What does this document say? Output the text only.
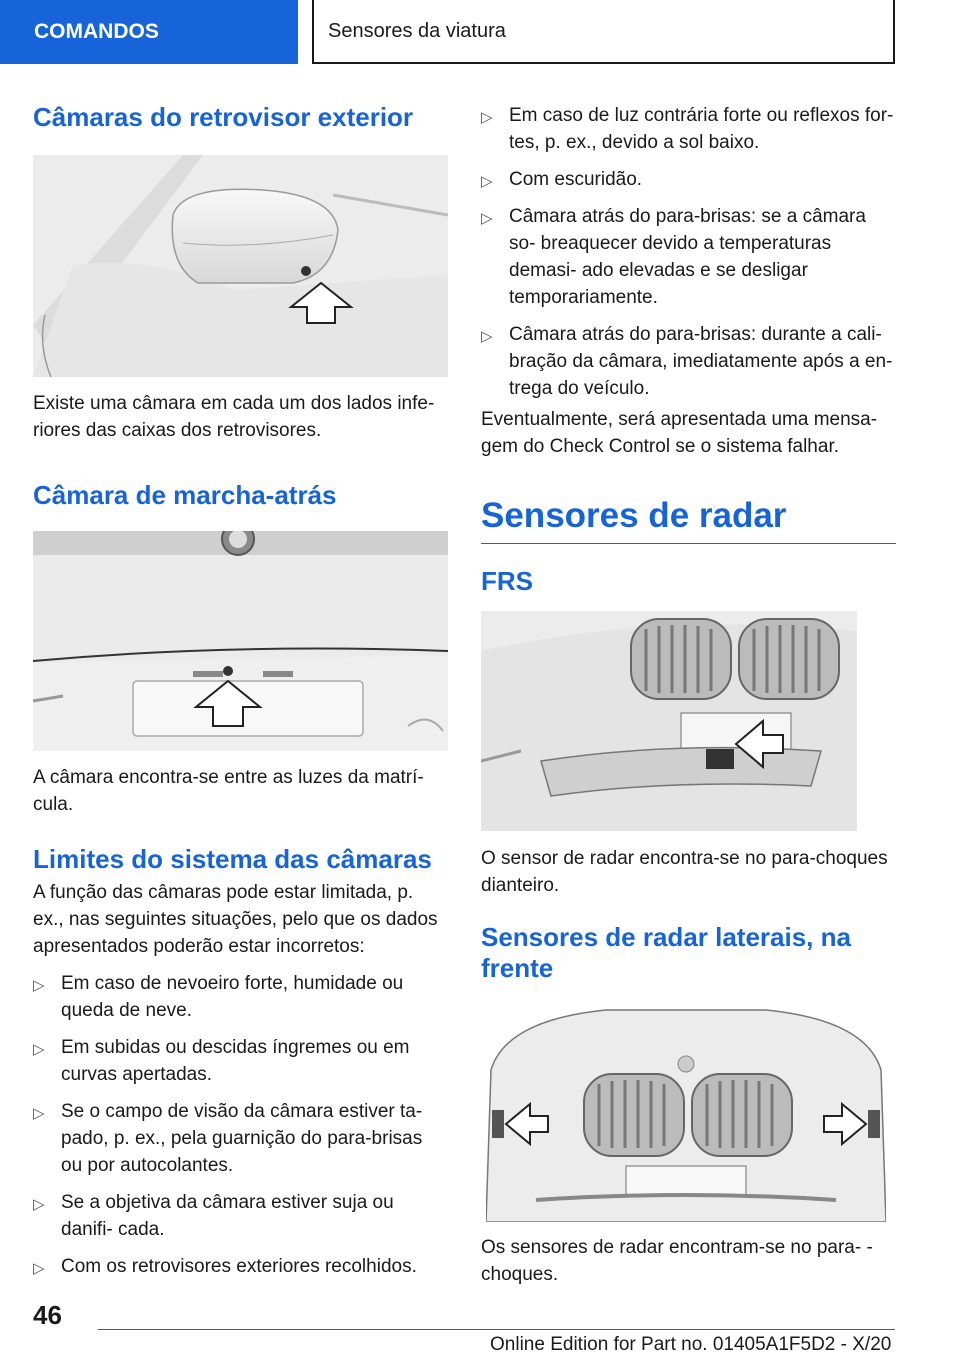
COMANDOS	Sensores da viatura
Câmaras do retrovisor exterior

Existe uma câmara em cada um dos lados infe- riores das caixas dos retrovisores.

Câmara de marcha-atrás

A câmara encontra-se entre as luzes da matrí- cula.

Limites do sistema das câmaras

A função das câmaras pode estar limitada, p. ex., nas seguintes situações, pelo que os dados apresentados poderão estar incorretos:

▷ Em caso de nevoeiro forte, humidade ou queda de neve.
▷ Em subidas ou descidas íngremes ou em curvas apertadas.
▷ Se o campo de visão da câmara estiver ta- pado, p. ex., pela guarnição do para-brisas ou por autocolantes.
▷ Se a objetiva da câmara estiver suja ou danifi- cada.
▷ Com os retrovisores exteriores recolhidos.
▷ Em caso de luz contrária forte ou reflexos for- tes, p. ex., devido a sol baixo.
▷ Com escuridão.
▷ Câmara atrás do para-brisas: se a câmara so- breaquecer devido a temperaturas demasi- ado elevadas e se desligar temporariamente.
▷ Câmara atrás do para-brisas: durante a cali- bração da câmara, imediatamente após a en- trega do veículo.

Eventualmente, será apresentada uma mensa- gem do Check Control se o sistema falhar.

Sensores de radar
FRS

O sensor de radar encontra-se no para-choques dianteiro.

Sensores de radar laterais, na frente

Os sensores de radar encontram-se no para- -choques.

46
Online Edition for Part no. 01405A1F5D2 - X/20
